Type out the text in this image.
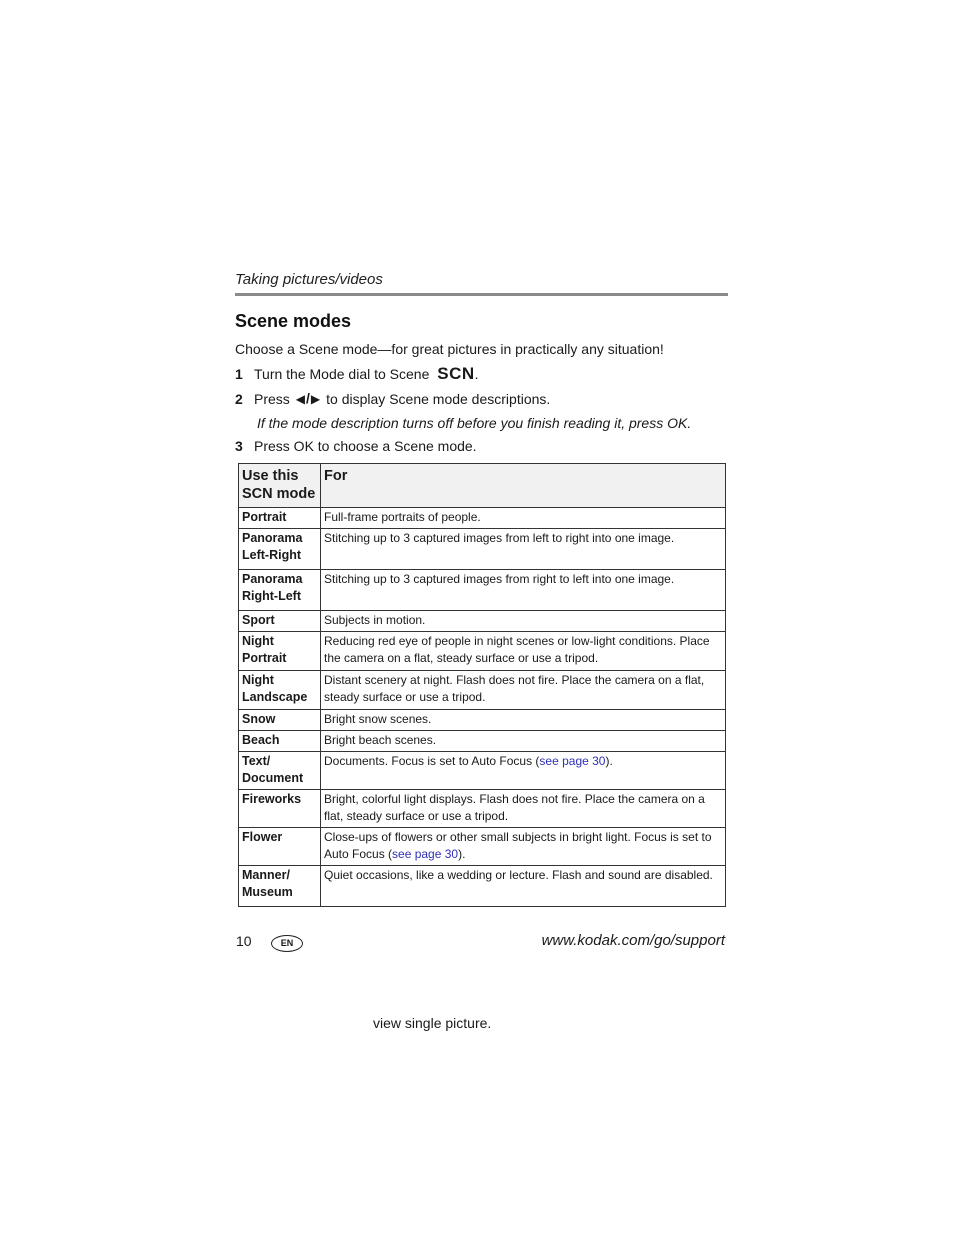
Taking pictures/videos
Scene modes
Choose a Scene mode—for great pictures in practically any situation!
1 Turn the Mode dial to Scene SCN.
2 Press ◀/▶ to display Scene mode descriptions.
If the mode description turns off before you finish reading it, press OK.
3 Press OK to choose a Scene mode.
Use this
SCN mode	For
Portrait	Full-frame portraits of people.
Panorama
Left-Right	Stitching up to 3 captured images from left to right into one image.
Panorama
Right-Left	Stitching up to 3 captured images from right to left into one image.
Sport	Subjects in motion.
Night
Portrait	Reducing red eye of people in night scenes or low-light conditions. Place the camera on a flat, steady surface or use a tripod.
Night
Landscape	Distant scenery at night. Flash does not fire. Place the camera on a flat, steady surface or use a tripod.
Snow	Bright snow scenes.
Beach	Bright beach scenes.
Text/
Document	Documents. Focus is set to Auto Focus (see page 30).
Fireworks	Bright, colorful light displays. Flash does not fire. Place the camera on a flat, steady surface or use a tripod.
Flower	Close-ups of flowers or other small subjects in bright light. Focus is set to Auto Focus (see page 30).
Manner/
Museum	Quiet occasions, like a wedding or lecture. Flash and sound are disabled.
10	EN	www.kodak.com/go/support
view single picture.
